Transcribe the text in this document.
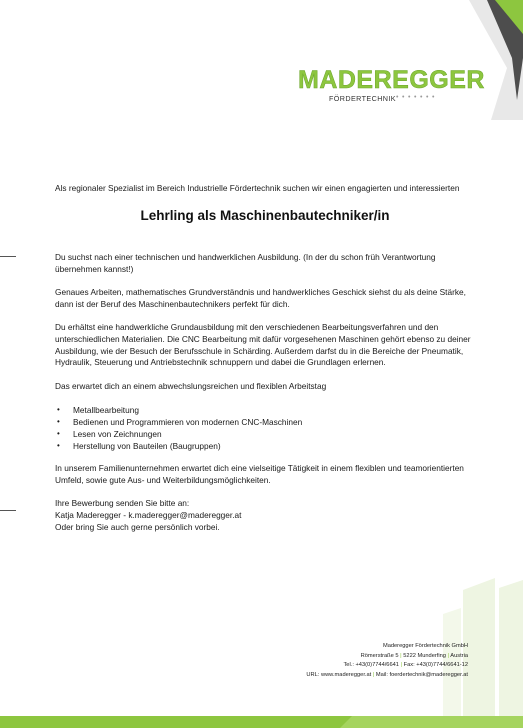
MADEREGGER
FÖRDERTECHNIK • • • • • • •

Als regionaler Spezialist im Bereich Industrielle Fördertechnik suchen wir einen engagierten und interessierten

Lehrling als Maschinenbautechniker/in

Du suchst nach einer technischen und handwerklichen Ausbildung. (In der du schon früh Verantwortung übernehmen kannst!)

Genaues Arbeiten, mathematisches Grundverständnis und handwerkliches Geschick siehst du als deine Stärke, dann ist der Beruf des Maschinenbautechnikers perfekt für dich.

Du erhältst eine handwerkliche Grundausbildung mit den verschiedenen Bearbeitungsverfahren und den unterschiedlichen Materialien. Die CNC Bearbeitung mit dafür vorgesehenen Maschinen gehört ebenso zu deiner Ausbildung, wie der Besuch der Berufsschule in Schärding. Außerdem darfst du in die Bereiche der Pneumatik, Hydraulik, Steuerung und Antriebstechnik schnuppern und dabei die Grundlagen erlernen.

Das erwartet dich an einem abwechslungsreichen und flexiblen Arbeitstag

• Metallbearbeitung
• Bedienen und Programmieren von modernen CNC-Maschinen
• Lesen von Zeichnungen
• Herstellung von Bauteilen (Baugruppen)

In unserem Familienunternehmen erwartet dich eine vielseitige Tätigkeit in einem flexiblen und teamorientierten Umfeld, sowie gute Aus- und Weiterbildungsmöglichkeiten.

Ihre Bewerbung senden Sie bitte an:

Katja Maderegger - k.maderegger@maderegger.at

Oder bring Sie auch gerne persönlich vorbei.

Maderegger Fördertechnik GmbH
Römerstraße 5 | 5222 Munderfing | Austria
Tel.: +43(0)7744/6641 | Fax: +43(0)7744/6641-12
URL: www.maderegger.at | Mail: foerdertechnik@maderegger.at
